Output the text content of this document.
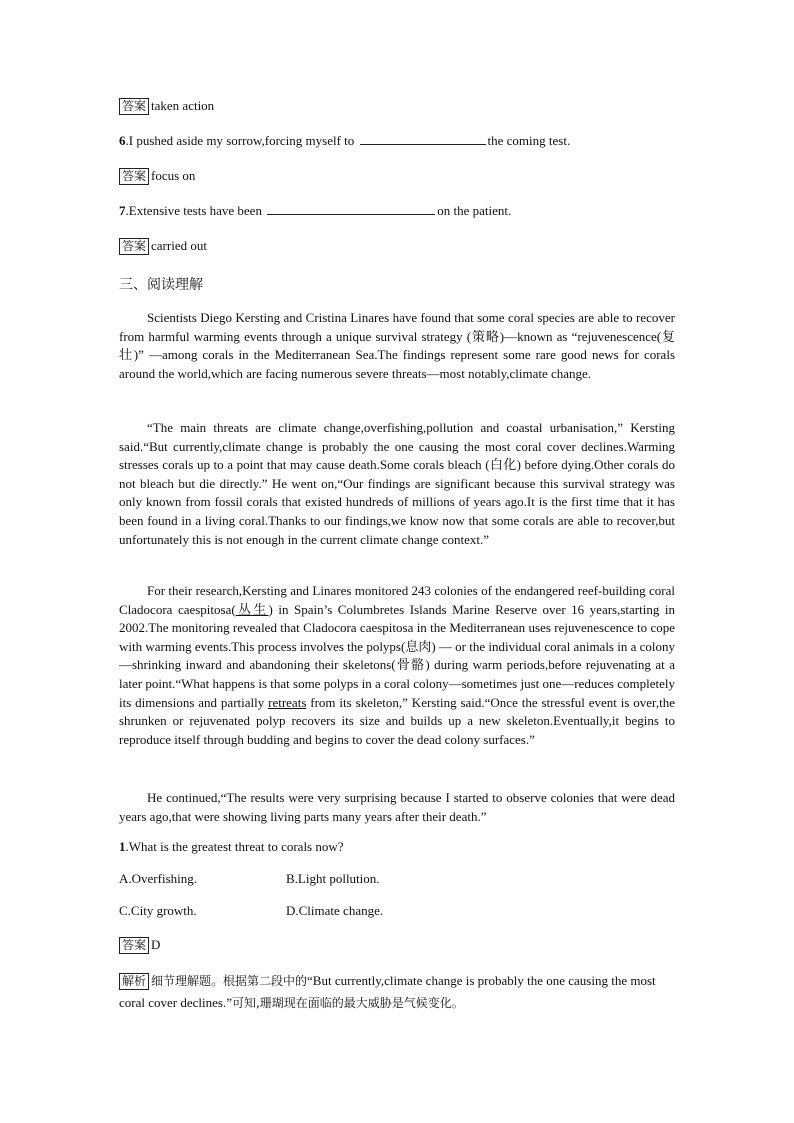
答案 taken action
6.I pushed aside my sorrow,forcing myself to	the coming test.
答案 focus on
7.Extensive tests have been	on the patient.
答案 carried out
三、阅读理解

Scientists Diego Kersting and Cristina Linares have found that some coral species are able to recover from harmful warming events through a unique survival strategy (策略)—known as “rejuvenescence(复壮)” —among corals in the Mediterranean Sea.The findings represent some rare good news for corals around the world,which are facing numerous severe threats—most notably,climate change.

“The main threats are climate change,overfishing,pollution and coastal urbanisation,” Kersting said.“But currently,climate change is probably the one causing the most coral cover declines.Warming stresses corals up to a point that may cause death.Some corals bleach (白化) before dying.Other corals do not bleach but die directly.” He went on,“Our findings are significant because this survival strategy was only known from fossil corals that existed hundreds of millions of years ago.It is the first time that it has been found in a living coral.Thanks to our findings,we know now that some corals are able to recover,but unfortunately this is not enough in the current climate change context.”

For their research,Kersting and Linares monitored 243 colonies of the endangered reef-building coral Cladocora caespitosa(丛生) in Spain’s Columbretes Islands Marine Reserve over 16 years,starting in 2002.The monitoring revealed that Cladocora caespitosa in the Mediterranean uses rejuvenescence to cope with warming events.This process involves the polyps(息肉) — or the individual coral animals in a colony—shrinking inward and abandoning their skeletons(骨骼) during warm periods,before rejuvenating at a later point.“What happens is that some polyps in a coral colony—sometimes just one—reduces completely its dimensions and partially retreats from its skeleton,” Kersting said.“Once the stressful event is over,the shrunken or rejuvenated polyp recovers its size and builds up a new skeleton.Eventually,it begins to reproduce itself through budding and begins to cover the dead colony surfaces.”

He continued,“The results were very surprising because I started to observe colonies that were dead years ago,that were showing living parts many years after their death.”

1.What is the greatest threat to corals now?
A.Overfishing.	B.Light pollution.
C.City growth.	D.Climate change.
答案 D
解析 细节理解题。根据第二段中的“But currently,climate change is probably the one causing the most coral cover declines.”可知,珊瑚现在面临的最大威胁是气候变化。
